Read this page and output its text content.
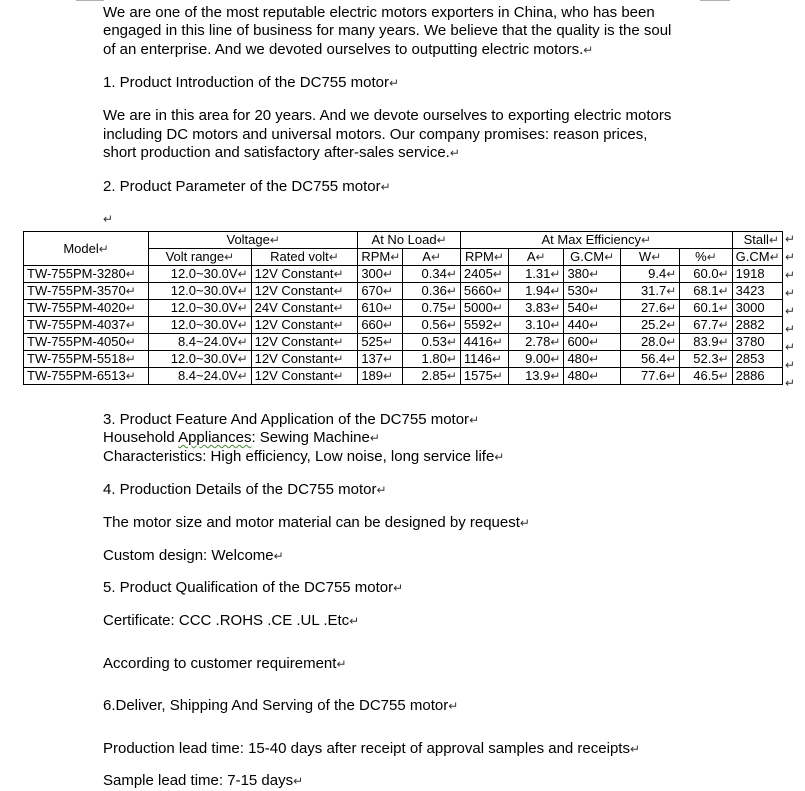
We are one of the most reputable electric motors exporters in China, who has been

engaged in this line of business for many years. We believe that the quality is the soul

of an enterprise. And we devoted ourselves to outputting electric motors.↵

1. Product Introduction of the DC755 motor↵

We are in this area for 20 years. And we devote ourselves to exporting electric motors

including DC motors and universal motors. Our company promises: reason prices,

short production and satisfactory after-sales service.↵

2. Product Parameter of the DC755 motor↵

↵

Model↵	Voltage↵		At No Load↵		At Max Efficiency↵					Stall↵
	Volt range↵	Rated volt↵	RPM↵	A↵	RPM↵	A↵	G.CM↵	W↵	%↵	G.CM↵
TW-755PM-3280↵	12.0~30.0V↵	12V Constant↵	300↵	0.34↵	2405↵	1.31↵	380↵	9.4↵	60.0↵	1918
TW-755PM-3570↵	12.0~30.0V↵	12V Constant↵	670↵	0.36↵	5660↵	1.94↵	530↵	31.7↵	68.1↵	3423
TW-755PM-4020↵	12.0~30.0V↵	24V Constant↵	610↵	0.75↵	5000↵	3.83↵	540↵	27.6↵	60.1↵	3000
TW-755PM-4037↵	12.0~30.0V↵	12V Constant↵	660↵	0.56↵	5592↵	3.10↵	440↵	25.2↵	67.7↵	2882
TW-755PM-4050↵	8.4~24.0V↵	12V Constant↵	525↵	0.53↵	4416↵	2.78↵	600↵	28.0↵	83.9↵	3780
TW-755PM-5518↵	12.0~30.0V↵	12V Constant↵	137↵	1.80↵	1146↵	9.00↵	480↵	56.4↵	52.3↵	2853
TW-755PM-6513↵	8.4~24.0V↵	12V Constant↵	189↵	2.85↵	1575↵	13.9↵	480↵	77.6↵	46.5↵	2886
↵
↵
↵
↵
↵
↵
↵
↵
↵

3. Product Feature And Application of the DC755 motor↵

Household Appliances: Sewing Machine↵

Characteristics: High efficiency, Low noise, long service life↵

4. Production Details of the DC755 motor↵

The motor size and motor material can be designed by request↵

Custom design: Welcome↵

5. Product Qualification of the DC755 motor↵

Certificate: CCC .ROHS .CE .UL .Etc↵

According to customer requirement↵

6.Deliver, Shipping And Serving of the DC755 motor↵

Production lead time: 15-40 days after receipt of approval samples and receipts↵

Sample lead time: 7-15 days↵
